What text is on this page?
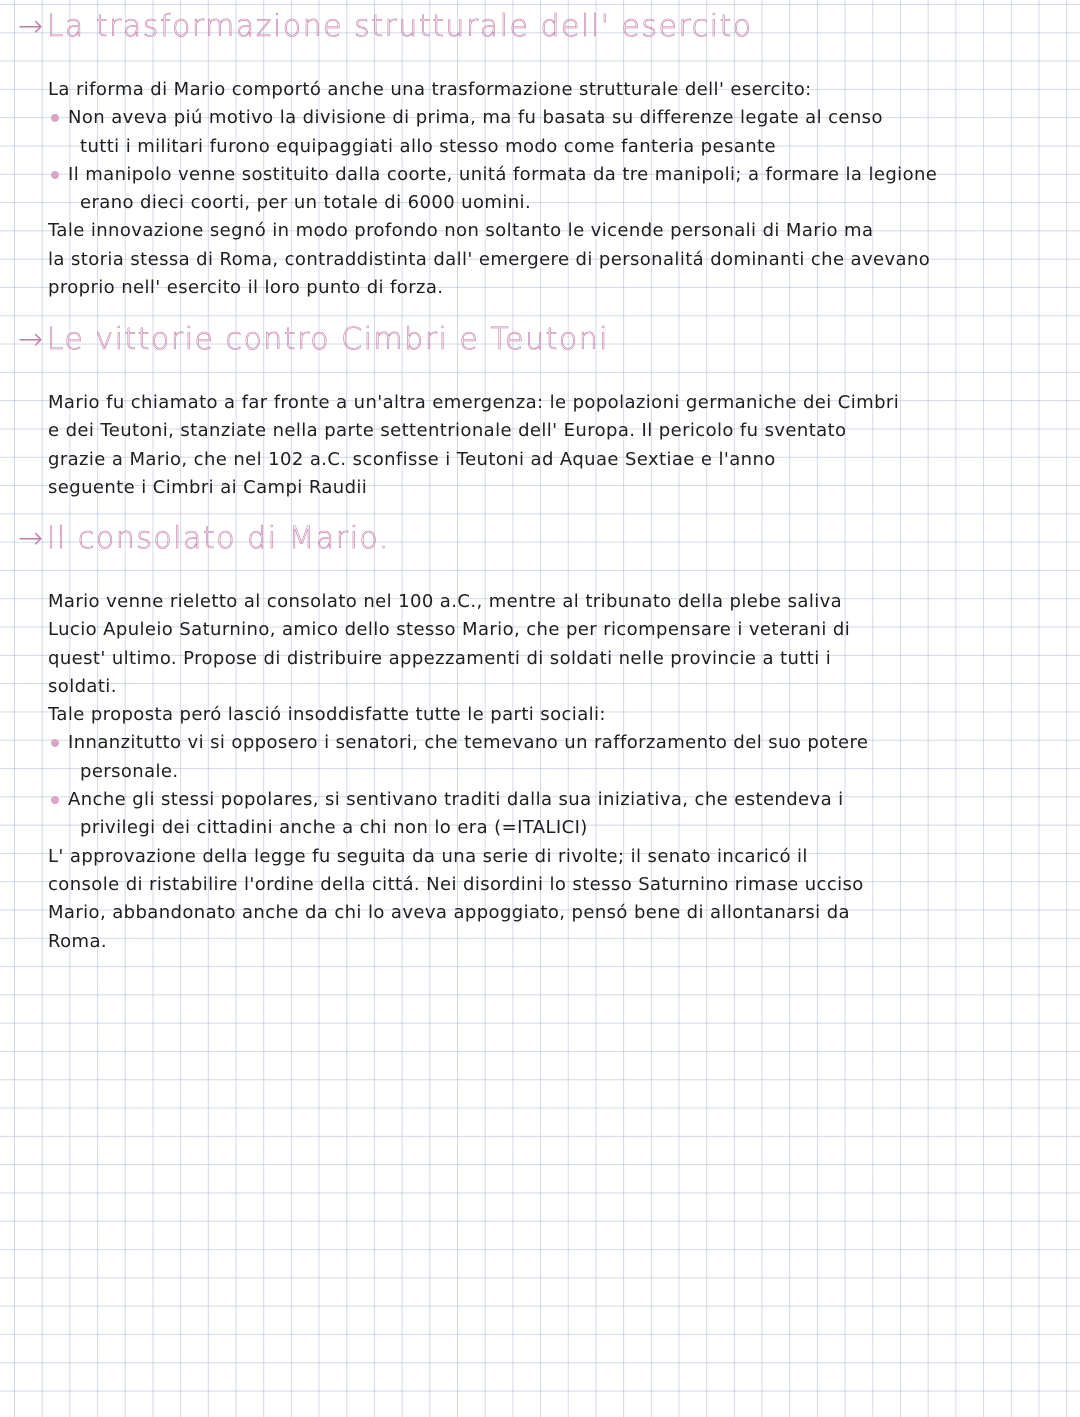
→La trasformazione strutturale dell' esercito
La riforma di Mario comportó anche una trasformazione strutturale dell' esercito:
Non aveva piú motivo la divisione di prima, ma fu basata su differenze legate al censo
tutti i militari furono equipaggiati allo stesso modo come fanteria pesante
Il manipolo venne sostituito dalla coorte, unitá formata da tre manipoli; a formare la legione
erano dieci coorti, per un totale di 6000 uomini.
Tale innovazione segnó in modo profondo non soltanto le vicende personali di Mario ma
la storia stessa di Roma, contraddistinta dall' emergere di personalitá dominanti che avevano
proprio nell' esercito il loro punto di forza.
→Le vittorie contro Cimbri e Teutoni
Mario fu chiamato a far fronte a un'altra emergenza: le popolazioni germaniche dei Cimbri
e dei Teutoni, stanziate nella parte settentrionale dell' Europa. Il pericolo fu sventato
grazie a Mario, che nel 102 a.C. sconfisse i Teutoni ad Aquae Sextiae e l'anno
seguente i Cimbri ai Campi Raudii
→Il consolato di Mario.
Mario venne rieletto al consolato nel 100 a.C., mentre al tribunato della plebe saliva
Lucio Apuleio Saturnino, amico dello stesso Mario, che per ricompensare i veterani di
quest' ultimo. Propose di distribuire appezzamenti di soldati nelle provincie a tutti i
soldati.
Tale proposta peró lasció insoddisfatte tutte le parti sociali:
Innanzitutto vi si opposero i senatori, che temevano un rafforzamento del suo potere
personale.
Anche gli stessi popolares, si sentivano traditi dalla sua iniziativa, che estendeva i
privilegi dei cittadini anche a chi non lo era (=ITALICI)
L' approvazione della legge fu seguita da una serie di rivolte; il senato incaricó il
console di ristabilire l'ordine della cittá. Nei disordini lo stesso Saturnino rimase ucciso
Mario, abbandonato anche da chi lo aveva appoggiato, pensó bene di allontanarsi da
Roma.
